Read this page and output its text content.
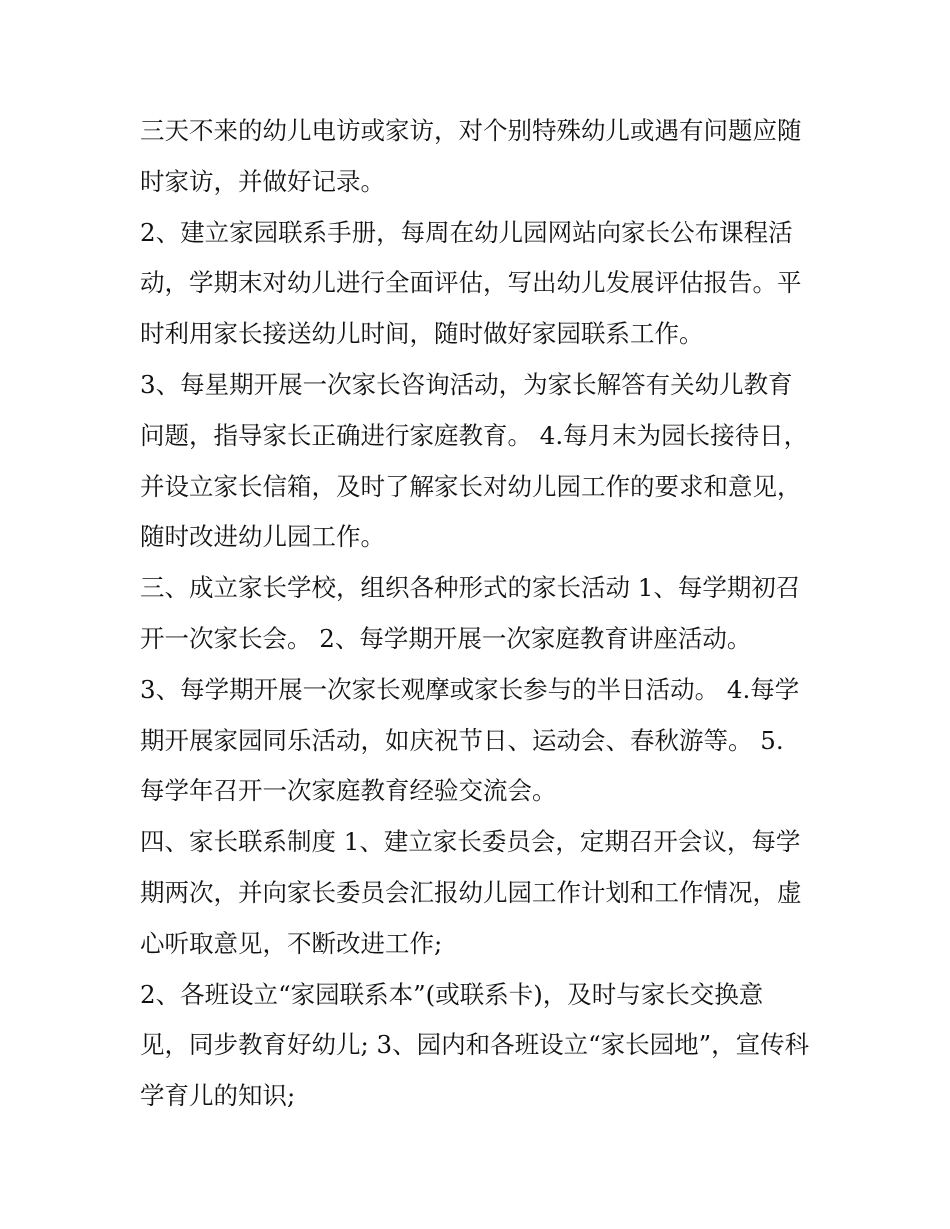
三天不来的幼儿电访或家访，对个别特殊幼儿或遇有问题应随
时家访，并做好记录。
2、建立家园联系手册，每周在幼儿园网站向家长公布课程活
动，学期末对幼儿进行全面评估，写出幼儿发展评估报告。平
时利用家长接送幼儿时间，随时做好家园联系工作。
3、每星期开展一次家长咨询活动，为家长解答有关幼儿教育
问题，指导家长正确进行家庭教育。 4.每月末为园长接待日，
并设立家长信箱，及时了解家长对幼儿园工作的要求和意见，
随时改进幼儿园工作。
三、成立家长学校，组织各种形式的家长活动 1、每学期初召
开一次家长会。 2、每学期开展一次家庭教育讲座活动。
3、每学期开展一次家长观摩或家长参与的半日活动。 4.每学
期开展家园同乐活动，如庆祝节日、运动会、春秋游等。 5.
每学年召开一次家庭教育经验交流会。
四、家长联系制度 1、建立家长委员会，定期召开会议，每学
期两次，并向家长委员会汇报幼儿园工作计划和工作情况，虚
心听取意见，不断改进工作;
2、各班设立“家园联系本”(或联系卡)，及时与家长交换意
见，同步教育好幼儿; 3、园内和各班设立“家长园地”，宣传科
学育儿的知识;
